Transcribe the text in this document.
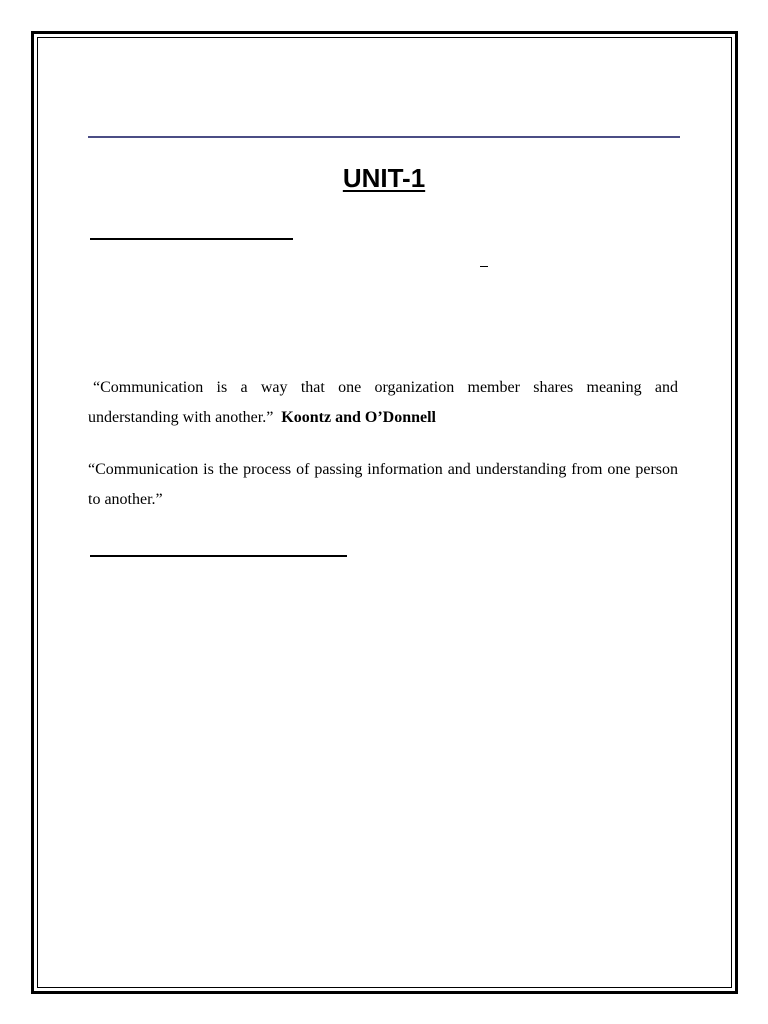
UNIT-1

“Communication is a way that one organization member shares meaning and understanding with another.” Koontz and O’Donnell

“Communication is the process of passing information and understanding from one person to another.”
